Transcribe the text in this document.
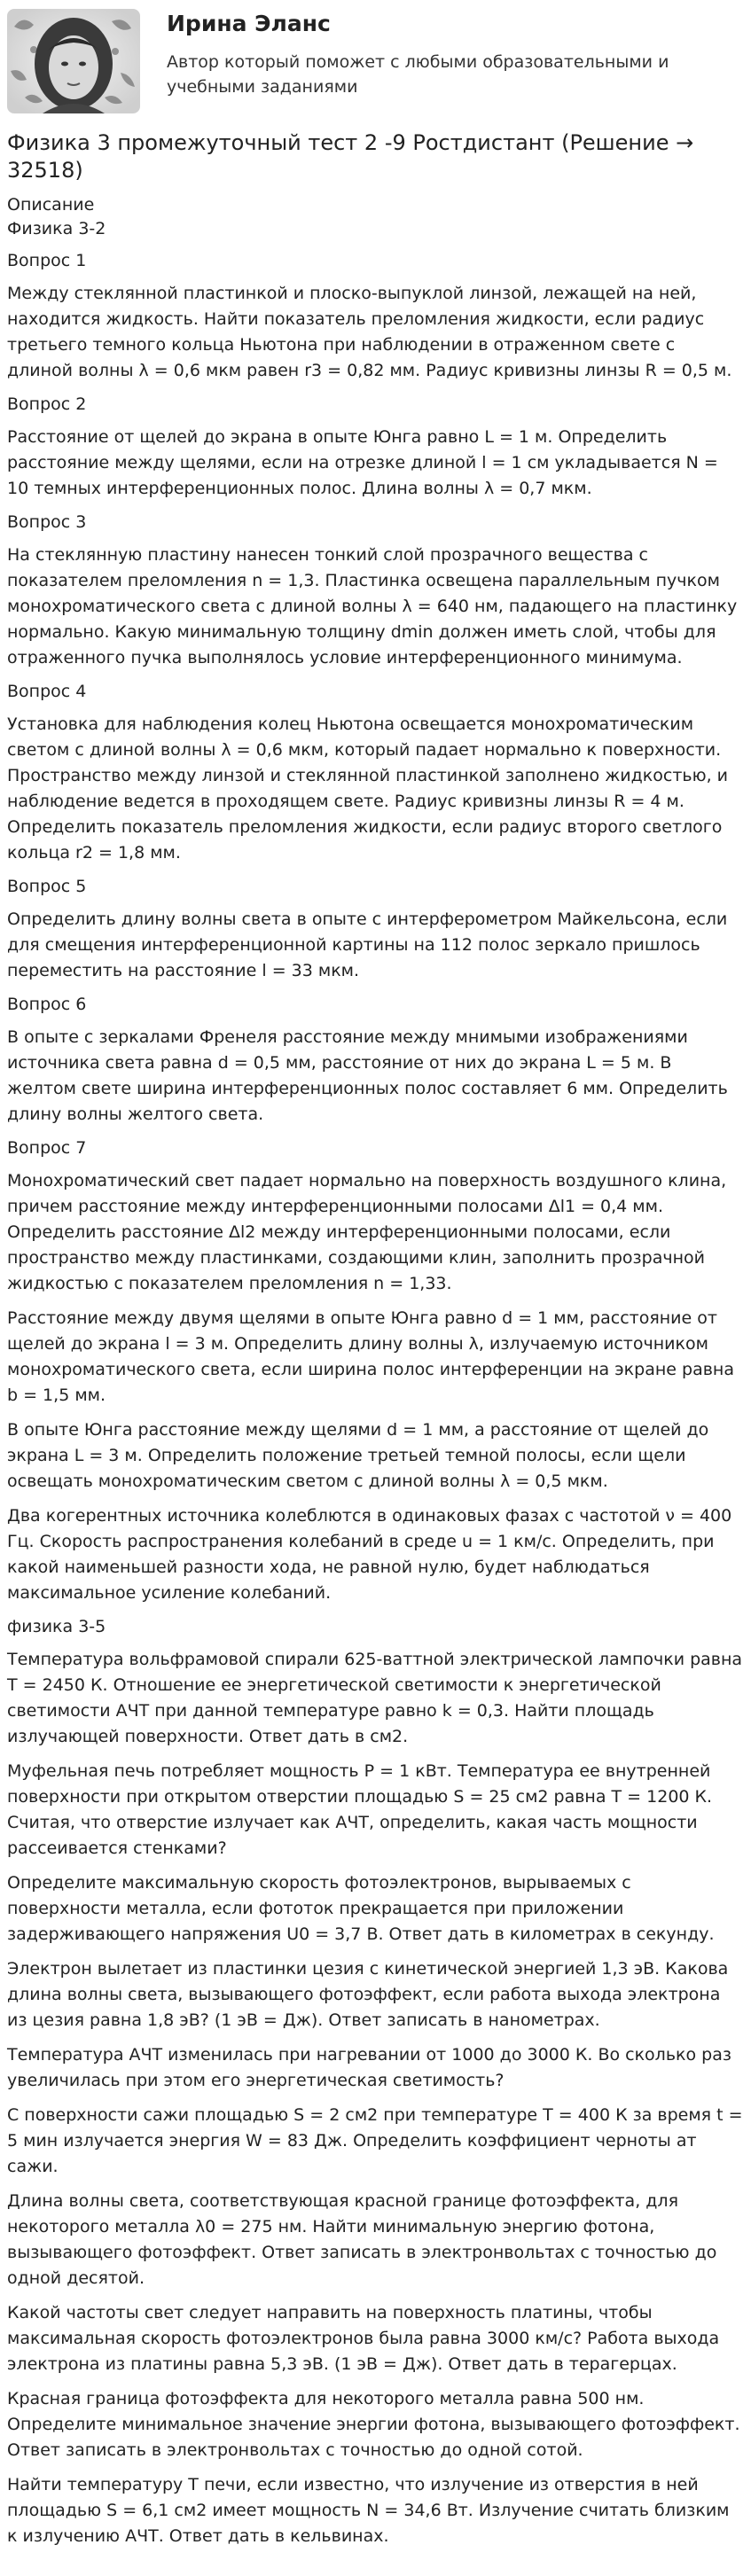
Ирина Эланс
Автор который поможет с любыми образовательными и учебными заданиями
Физика 3 промежуточный тест 2 -9 Ростдистант (Решение → 32518)
Описание
Физика 3-2
Вопрос 1

Между стеклянной пластинкой и плоско-выпуклой линзой, лежащей на ней, находится жидкость. Найти показатель преломления жидкости, если радиус третьего темного кольца Ньютона при наблюдении в отраженном свете с длиной волны λ = 0,6 мкм равен r3 = 0,82 мм. Радиус кривизны линзы R = 0,5 м.

Вопрос 2

Расстояние от щелей до экрана в опыте Юнга равно L = 1 м. Определить расстояние между щелями, если на отрезке длиной l = 1 см укладывается N = 10 темных интерференционных полос. Длина волны λ = 0,7 мкм.

Вопрос 3

На стеклянную пластину нанесен тонкий слой прозрачного вещества с показателем преломления n = 1,3. Пластинка освещена параллельным пучком монохроматического света с длиной волны λ = 640 нм, падающего на пластинку нормально. Какую минимальную толщину dmin должен иметь слой, чтобы для отраженного пучка выполнялось условие интерференционного минимума.

Вопрос 4

Установка для наблюдения колец Ньютона освещается монохроматическим светом с длиной волны λ = 0,6 мкм, который падает нормально к поверхности. Пространство между линзой и стеклянной пластинкой заполнено жидкостью, и наблюдение ведется в проходящем свете. Радиус кривизны линзы R = 4 м. Определить показатель преломления жидкости, если радиус второго светлого кольца r2 = 1,8 мм.

Вопрос 5

Определить длину волны света в опыте с интерферометром Майкельсона, если для смещения интерференционной картины на 112 полос зеркало пришлось переместить на расстояние l = 33 мкм.

Вопрос 6

В опыте с зеркалами Френеля расстояние между мнимыми изображениями источника света равна d = 0,5 мм, расстояние от них до экрана L = 5 м. В желтом свете ширина интерференционных полос составляет 6 мм. Определить длину волны желтого света.

Вопрос 7

Монохроматический свет падает нормально на поверхность воздушного клина, причем расстояние между интерференционными полосами Δl1 = 0,4 мм. Определить расстояние Δl2 между интерференционными полосами, если пространство между пластинками, создающими клин, заполнить прозрачной жидкостью с показателем преломления n = 1,33.

Расстояние между двумя щелями в опыте Юнга равно d = 1 мм, расстояние от щелей до экрана l = 3 м. Определить длину волны λ, излучаемую источником монохроматического света, если ширина полос интерференции на экране равна b = 1,5 мм.

В опыте Юнга расстояние между щелями d = 1 мм, а расстояние от щелей до экрана L = 3 м. Определить положение третьей темной полосы, если щели освещать монохроматическим светом с длиной волны λ = 0,5 мкм.

Два когерентных источника колеблются в одинаковых фазах с частотой ν = 400 Гц. Скорость распространения колебаний в среде u = 1 км/с. Определить, при какой наименьшей разности хода, не равной нулю, будет наблюдаться максимальное усиление колебаний.

физика 3-5

Температура вольфрамовой спирали 625-ваттной электрической лампочки равна T = 2450 К. Отношение ее энергетической светимости к энергетической светимости АЧТ при данной температуре равно k = 0,3. Найти площадь излучающей поверхности. Ответ дать в см2.

Муфельная печь потребляет мощность P = 1 кВт. Температура ее внутренней поверхности при открытом отверстии площадью S = 25 см2 равна T = 1200 К. Считая, что отверстие излучает как АЧТ, определить, какая часть мощности рассеивается стенками?

Определите максимальную скорость фотоэлектронов, вырываемых с поверхности металла, если фототок прекращается при приложении задерживающего напряжения U0 = 3,7 В. Ответ дать в километрах в секунду.

Электрон вылетает из пластинки цезия с кинетической энергией 1,3 эВ. Какова длина волны света, вызывающего фотоэффект, если работа выхода электрона из цезия равна 1,8 эВ? (1 эВ = Дж). Ответ записать в нанометрах.

Температура АЧТ изменилась при нагревании от 1000 до 3000 К. Во сколько раз увеличилась при этом его энергетическая светимость?

С поверхности сажи площадью S = 2 см2 при температуре T = 400 К за время t = 5 мин излучается энергия W = 83 Дж. Определить коэффициент черноты ат сажи.

Длина волны света, соответствующая красной границе фотоэффекта, для некоторого металла λ0 = 275 нм. Найти минимальную энергию фотона, вызывающего фотоэффект. Ответ записать в электронвольтах с точностью до одной десятой.

Какой частоты свет следует направить на поверхность платины, чтобы максимальная скорость фотоэлектронов была равна 3000 км/с? Работа выхода электрона из платины равна 5,3 эВ. (1 эВ = Дж). Ответ дать в терагерцах.

Красная граница фотоэффекта для некоторого металла равна 500 нм. Определите минимальное значение энергии фотона, вызывающего фотоэффект. Ответ записать в электронвольтах с точностью до одной сотой.

Найти температуру T печи, если известно, что излучение из отверстия в ней площадью S = 6,1 см2 имеет мощность N = 34,6 Вт. Излучение считать близким к излучению АЧТ. Ответ дать в кельвинах.
